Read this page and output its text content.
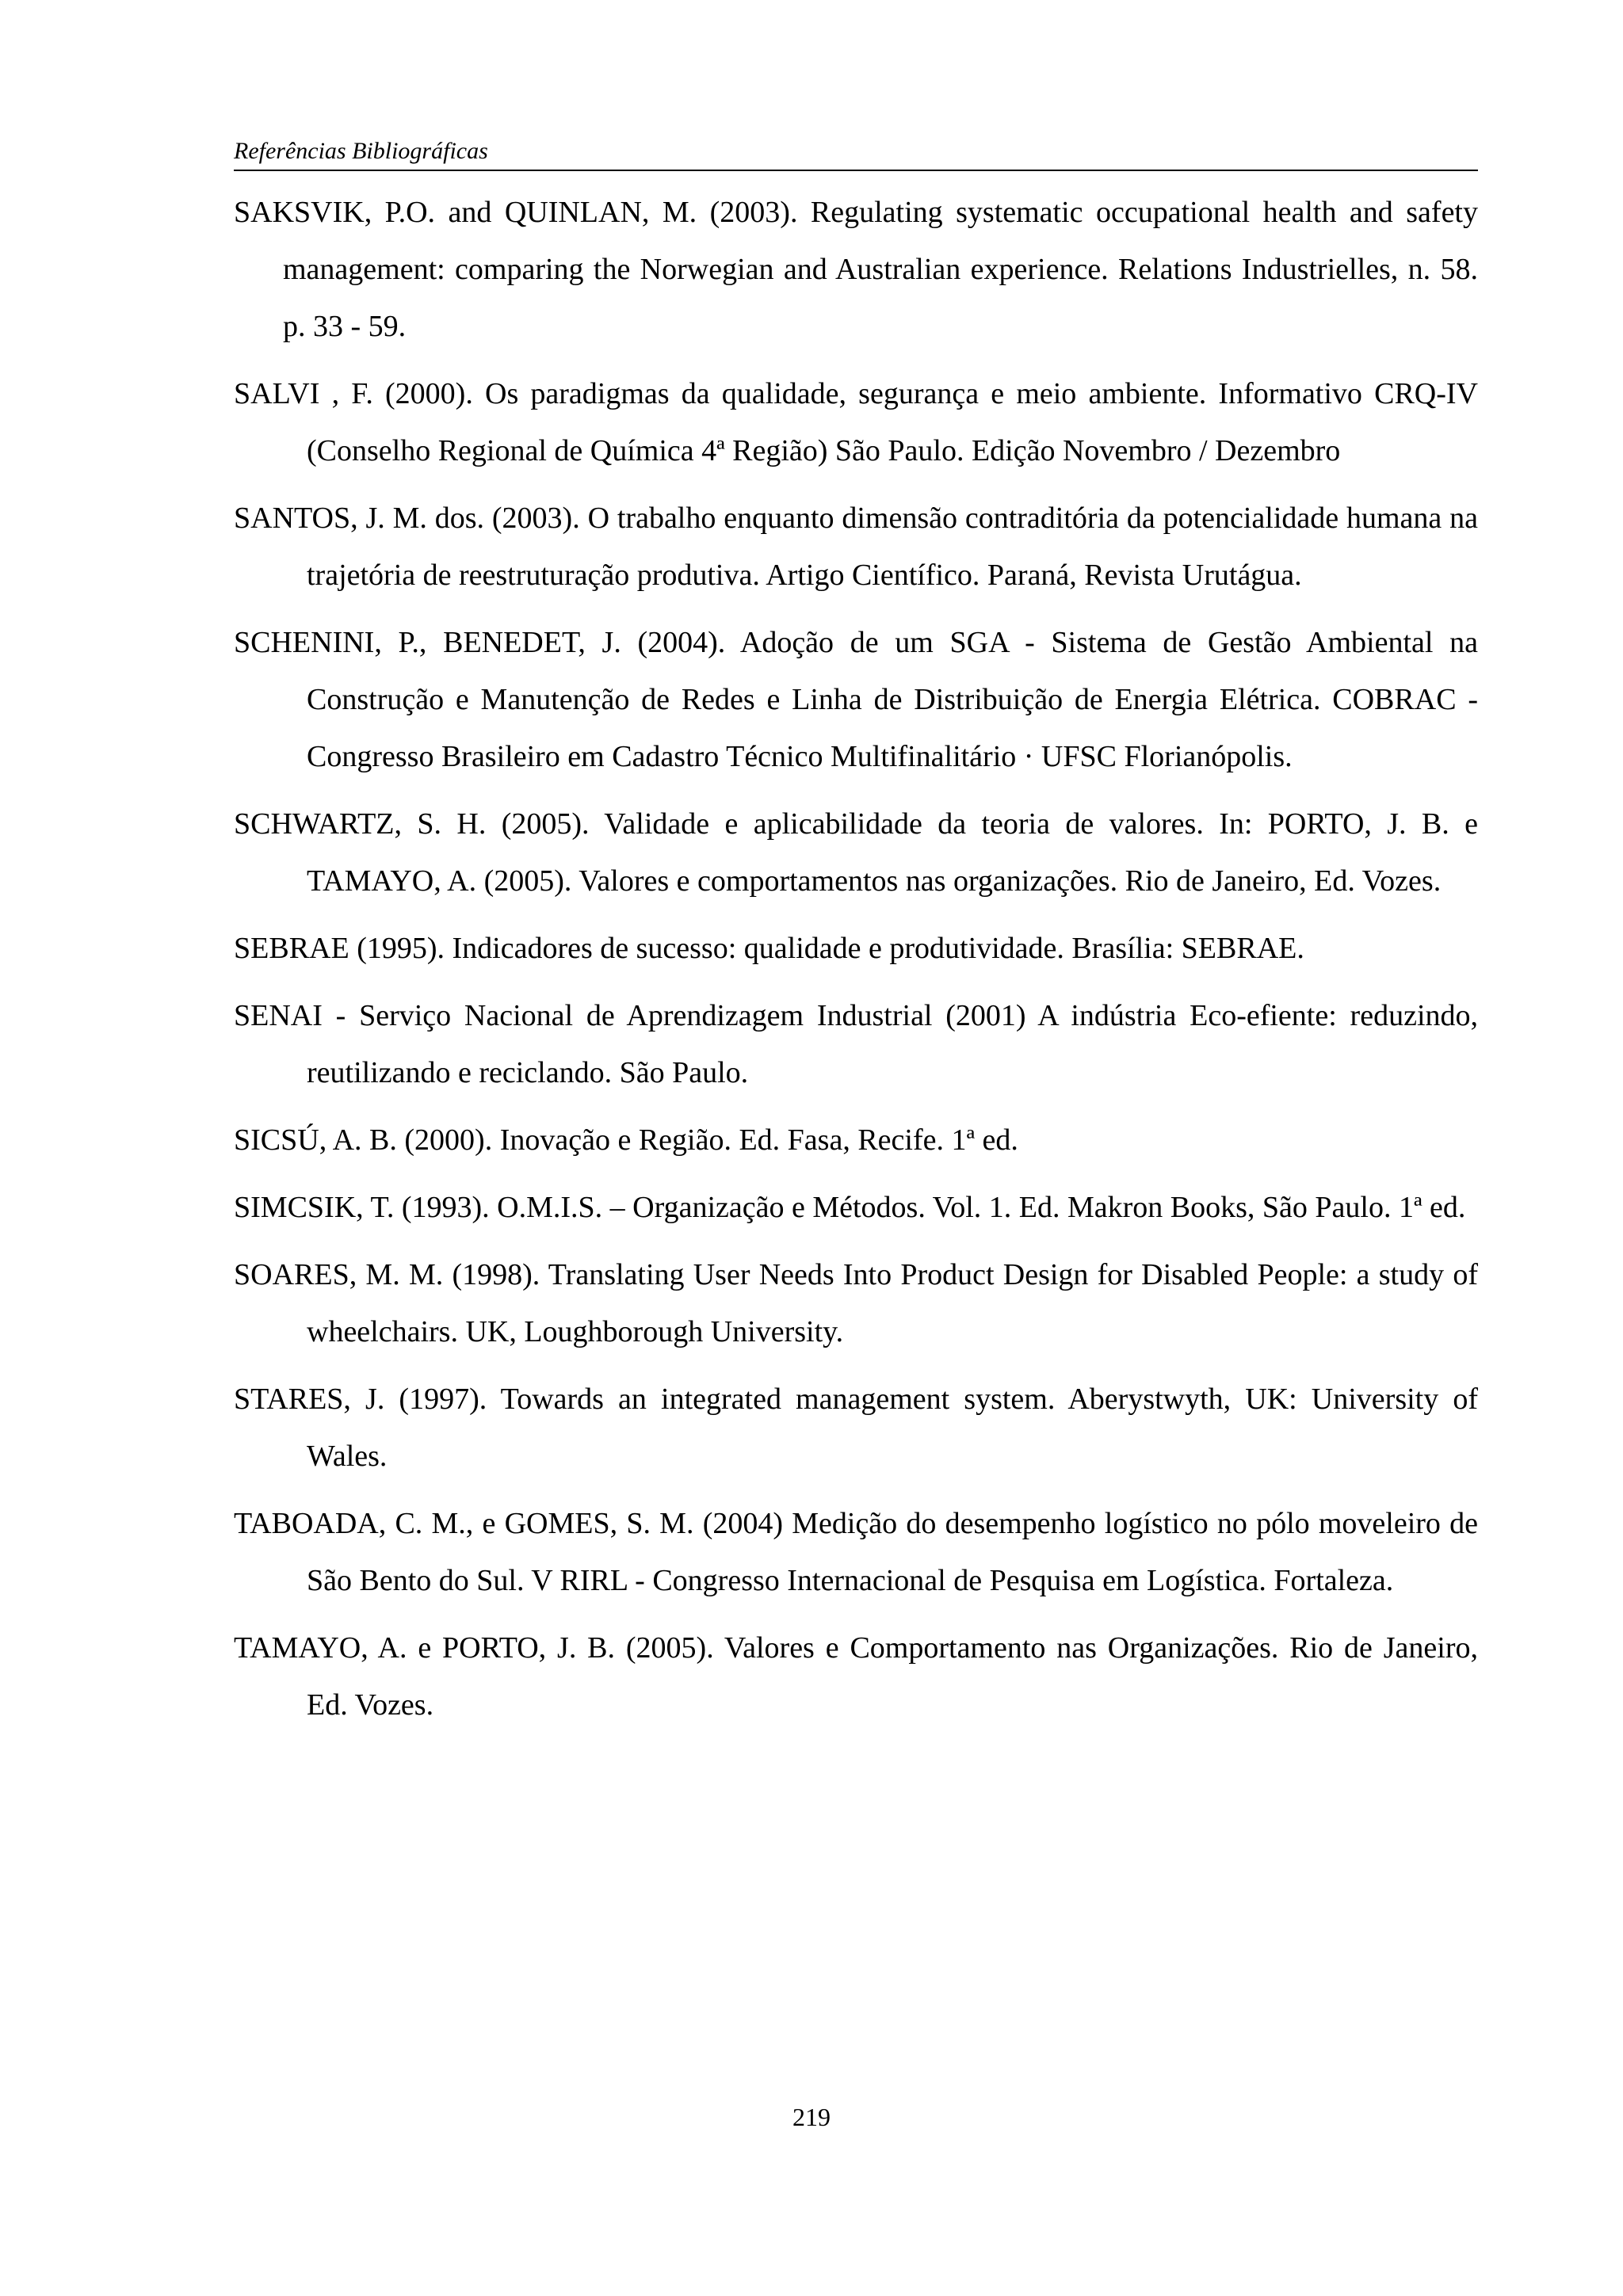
Referências Bibliográficas
SAKSVIK, P.O. and QUINLAN, M. (2003). Regulating systematic occupational health and safety management: comparing the Norwegian and Australian experience. Relations Industrielles, n. 58. p. 33 - 59.
SALVI , F. (2000). Os paradigmas da qualidade, segurança e meio ambiente. Informativo CRQ-IV (Conselho Regional de Química 4ª Região) São Paulo. Edição Novembro / Dezembro
SANTOS, J. M. dos. (2003). O trabalho enquanto dimensão contraditória da potencialidade humana na trajetória de reestruturação produtiva. Artigo Científico. Paraná, Revista Urutágua.
SCHENINI, P., BENEDET, J. (2004). Adoção de um SGA - Sistema de Gestão Ambiental na Construção e Manutenção de Redes e Linha de Distribuição de Energia Elétrica. COBRAC - Congresso Brasileiro em Cadastro Técnico Multifinalitário · UFSC Florianópolis.
SCHWARTZ, S. H. (2005). Validade e aplicabilidade da teoria de valores. In: PORTO, J. B. e TAMAYO, A. (2005). Valores e comportamentos nas organizações. Rio de Janeiro, Ed. Vozes.
SEBRAE (1995). Indicadores de sucesso: qualidade e produtividade. Brasília: SEBRAE.
SENAI - Serviço Nacional de Aprendizagem Industrial (2001) A indústria Eco-efiente: reduzindo, reutilizando e reciclando. São Paulo.
SICSÚ, A. B. (2000). Inovação e Região. Ed. Fasa, Recife. 1ª ed.
SIMCSIK, T. (1993). O.M.I.S. – Organização e Métodos. Vol. 1. Ed. Makron Books, São Paulo. 1ª ed.
SOARES, M. M. (1998). Translating User Needs Into Product Design for Disabled People: a study of wheelchairs. UK, Loughborough University.
STARES, J. (1997). Towards an integrated management system. Aberystwyth, UK: University of Wales.
TABOADA, C. M., e GOMES, S. M. (2004) Medição do desempenho logístico no pólo moveleiro de São Bento do Sul. V RIRL - Congresso Internacional de Pesquisa em Logística. Fortaleza.
TAMAYO, A. e PORTO, J. B. (2005). Valores e Comportamento nas Organizações. Rio de Janeiro, Ed. Vozes.
219
